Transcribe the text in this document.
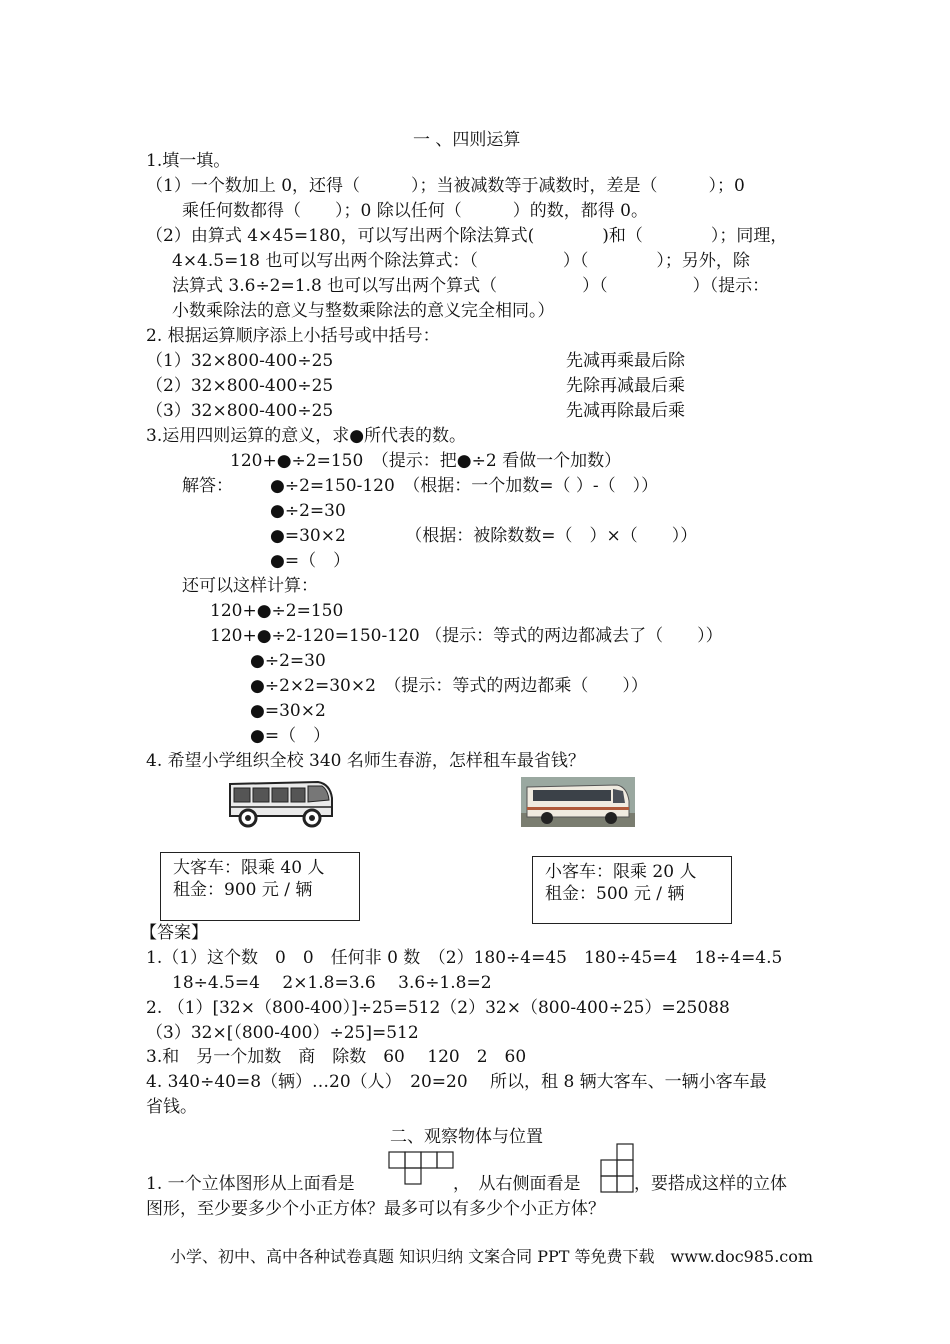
一 、四则运算
1.填一填。
（1）一个数加上 0，还得（　　　）；当被减数等于减数时，差是（　　　）；0
乘任何数都得（　　）；0 除以任何（　　　）的数，都得 0。
（2）由算式 4×45=180，可以写出两个除法算式(　　　　)和（　　　　）；同理，
4×4.5=18 也可以写出两个除法算式：（　　　　　）（　　　　）；另外，除
法算式 3.6÷2=1.8 也可以写出两个算式（　　　　　）（　　　　　）（提示：
小数乘除法的意义与整数乘除法的意义完全相同。）
2. 根据运算顺序添上小括号或中括号：
（1）32×800-400÷25	先减再乘最后除
（2）32×800-400÷25	先除再减最后乘
（3）32×800-400÷25	先减再除最后乘
3.运用四则运算的意义，求●所代表的数。
120+●÷2=150　（提示：把●÷2 看做一个加数）
解答： ●÷2=150-120　（根据：一个加数=（ ）-（　））
●÷2=30
●=30×2　　　　（根据：被除数数=（　）×（　　））
●=（　）
还可以这样计算：
120+●÷2=150
120+●÷2-120=150-120 （提示：等式的两边都减去了（　　））
●÷2=30
●÷2×2=30×2　（提示：等式的两边都乘（　　））
●=30×2
●=（　）
4. 希望小学组织全校 340 名师生春游，怎样租车最省钱？
大客车：限乘 40 人
租金：900 元 / 辆
小客车：限乘 20 人
租金：500 元 / 辆
【答案】
1.（1）这个数　0　0　任何非 0 数　（2）180÷4=45　180÷45=4　18÷4=4.5
18÷4.5=4　 2×1.8=3.6　 3.6÷1.8=2
2. （1）[32×（800-400）]÷25=512（2）32×（800-400÷25）=25088
（3）32×[（800-400）÷25]=512
3.和　另一个加数　商　除数　60　 120　2　60
4. 340÷40=8（辆）…20（人）　20=20　 所以，租 8 辆大客车、一辆小客车最
省钱。
二、观察物体与位置
1. 一个立体图形从上面看是	，　从右侧面看是	，要搭成这样的立体
图形，至少要多少个小正方体？最多可以有多少个小正方体？
小学、初中、高中各种试卷真题 知识归纳 文案合同 PPT 等免费下载　www.doc985.com
